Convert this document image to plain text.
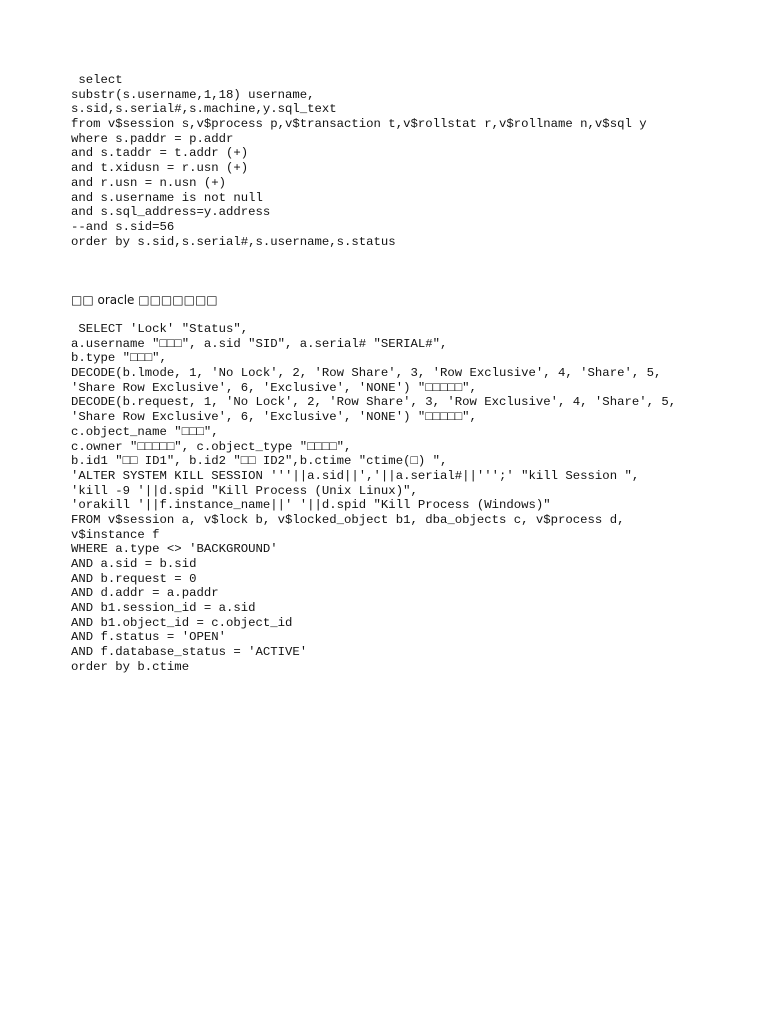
select
substr(s.username,1,18) username,
s.sid,s.serial#,s.machine,y.sql_text
from v$session s,v$process p,v$transaction t,v$rollstat r,v$rollname n,v$sql y
where s.paddr = p.addr
and s.taddr = t.addr (+)
and t.xidusn = r.usn (+)
and r.usn = n.usn (+)
and s.username is not null
and s.sql_address=y.address
--and s.sid=56
order by s.sid,s.serial#,s.username,s.status
□□ oracle □□□□□□□
SELECT 'Lock' "Status",
a.username "□□□", a.sid "SID", a.serial# "SERIAL#",
b.type "□□□",
DECODE(b.lmode, 1, 'No Lock', 2, 'Row Share', 3, 'Row Exclusive', 4, 'Share', 5,
'Share Row Exclusive', 6, 'Exclusive', 'NONE') "□□□□□",
DECODE(b.request, 1, 'No Lock', 2, 'Row Share', 3, 'Row Exclusive', 4, 'Share', 5,
'Share Row Exclusive', 6, 'Exclusive', 'NONE') "□□□□□",
c.object_name "□□□",
c.owner "□□□□□", c.object_type "□□□□",
b.id1 "□□ ID1", b.id2 "□□ ID2",b.ctime "ctime(□) ",
'ALTER SYSTEM KILL SESSION '''||a.sid||','||a.serial#||''';' "kill Session ",
'kill -9 '||d.spid "Kill Process (Unix Linux)",
'orakill '||f.instance_name||' '||d.spid "Kill Process (Windows)"
FROM v$session a, v$lock b, v$locked_object b1, dba_objects c, v$process d,
v$instance f
WHERE a.type <> 'BACKGROUND'
AND a.sid = b.sid
AND b.request = 0
AND d.addr = a.paddr
AND b1.session_id = a.sid
AND b1.object_id = c.object_id
AND f.status = 'OPEN'
AND f.database_status = 'ACTIVE'
order by b.ctime
